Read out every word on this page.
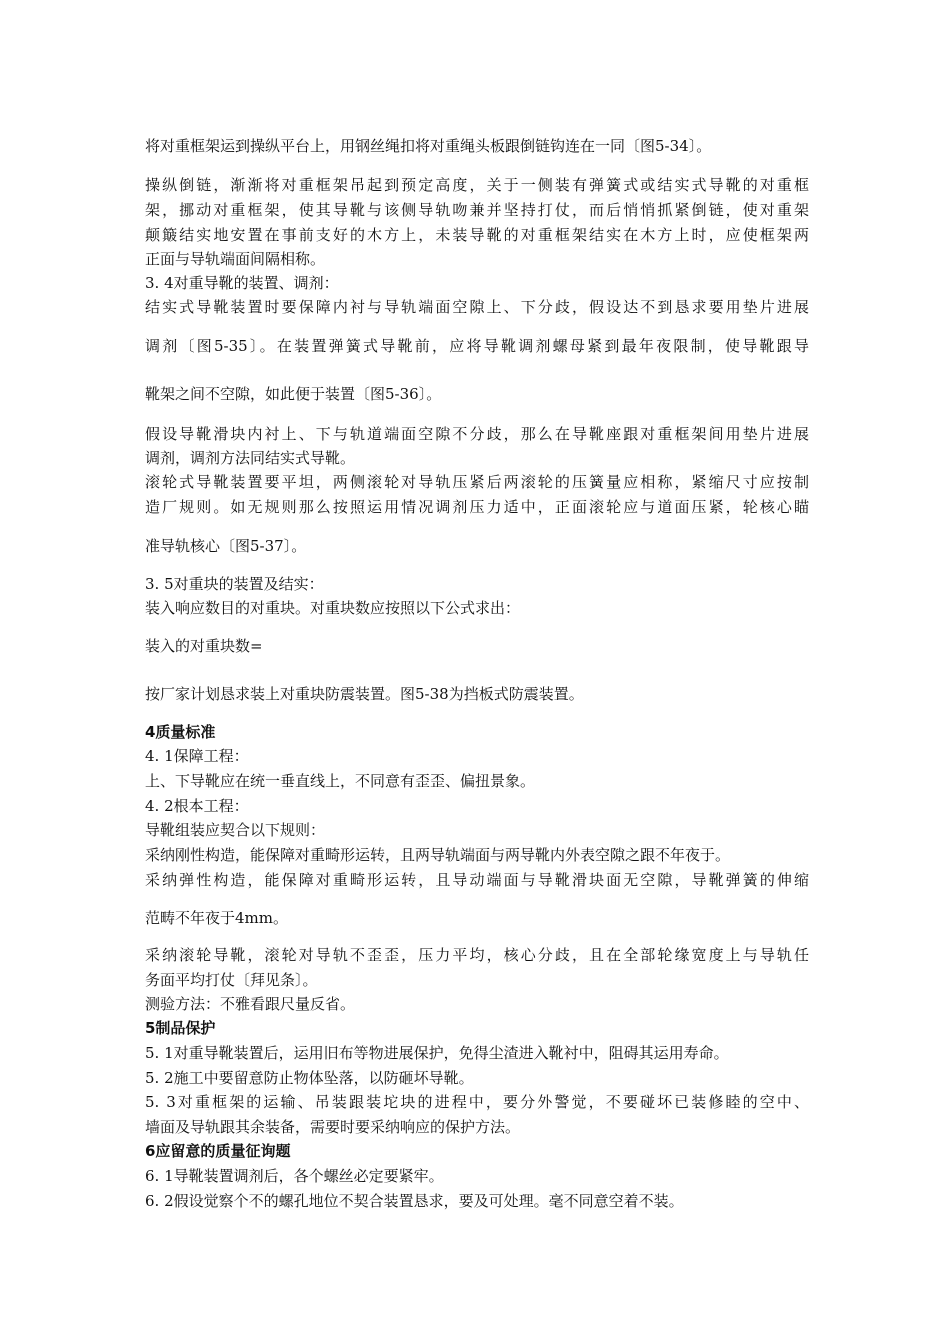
将对重框架运到操纵平台上，用钢丝绳扣将对重绳头板跟倒链钩连在一同〔图5-34〕。
操纵倒链，渐渐将对重框架吊起到预定高度，关于一侧装有弹簧式或结实式导靴的对重框
架，挪动对重框架，使其导靴与该侧导轨吻兼并坚持打仗，而后悄悄抓紧倒链，使对重架
颠簸结实地安置在事前支好的木方上，未装导靴的对重框架结实在木方上时，应使框架两
正面与导轨端面间隔相称。
3. 4对重导靴的装置、调剂：
结实式导靴装置时要保障内衬与导轨端面空隙上、下分歧，假设达不到恳求要用垫片进展
调剂〔图5-35〕。在装置弹簧式导靴前，应将导靴调剂螺母紧到最年夜限制，使导靴跟导
靴架之间不空隙，如此便于装置〔图5-36〕。
假设导靴滑块内衬上、下与轨道端面空隙不分歧，那么在导靴座跟对重框架间用垫片进展
调剂，调剂方法同结实式导靴。
滚轮式导靴装置要平坦，两侧滚轮对导轨压紧后两滚轮的压簧量应相称，紧缩尺寸应按制
造厂规则。如无规则那么按照运用情况调剂压力适中，正面滚轮应与道面压紧，轮核心瞄
准导轨核心〔图5-37〕。
3. 5对重块的装置及结实：
装入响应数目的对重块。对重块数应按照以下公式求出：
装入的对重块数=
按厂家计划恳求装上对重块防震装置。图5-38为挡板式防震装置。
4质量标准
4. 1保障工程：
上、下导靴应在统一垂直线上，不同意有歪歪、偏扭景象。
4. 2根本工程：
导靴组装应契合以下规则：
采纳刚性构造，能保障对重畸形运转，且两导轨端面与两导靴内外表空隙之跟不年夜于。
采纳弹性构造，能保障对重畸形运转，且导动端面与导靴滑块面无空隙，导靴弹簧的伸缩
范畴不年夜于4mm。
采纳滚轮导靴，滚轮对导轨不歪歪，压力平均，核心分歧，且在全部轮缘宽度上与导轨任
务面平均打仗〔拜见条〕。
测验方法：不雅看跟尺量反省。
5制品保护
5. 1对重导靴装置后，运用旧布等物进展保护，免得尘渣进入靴衬中，阻碍其运用寿命。
5. 2施工中要留意防止物体坠落，以防砸坏导靴。
5. 3对重框架的运输、吊装跟装坨块的进程中，要分外警觉，不要碰坏已装修睦的空中、
墙面及导轨跟其余装备，需要时要采纳响应的保护方法。
6应留意的质量征询题
6. 1导靴装置调剂后，各个螺丝必定要紧牢。
6. 2假设觉察个不的螺孔地位不契合装置恳求，要及可处理。毫不同意空着不装。
